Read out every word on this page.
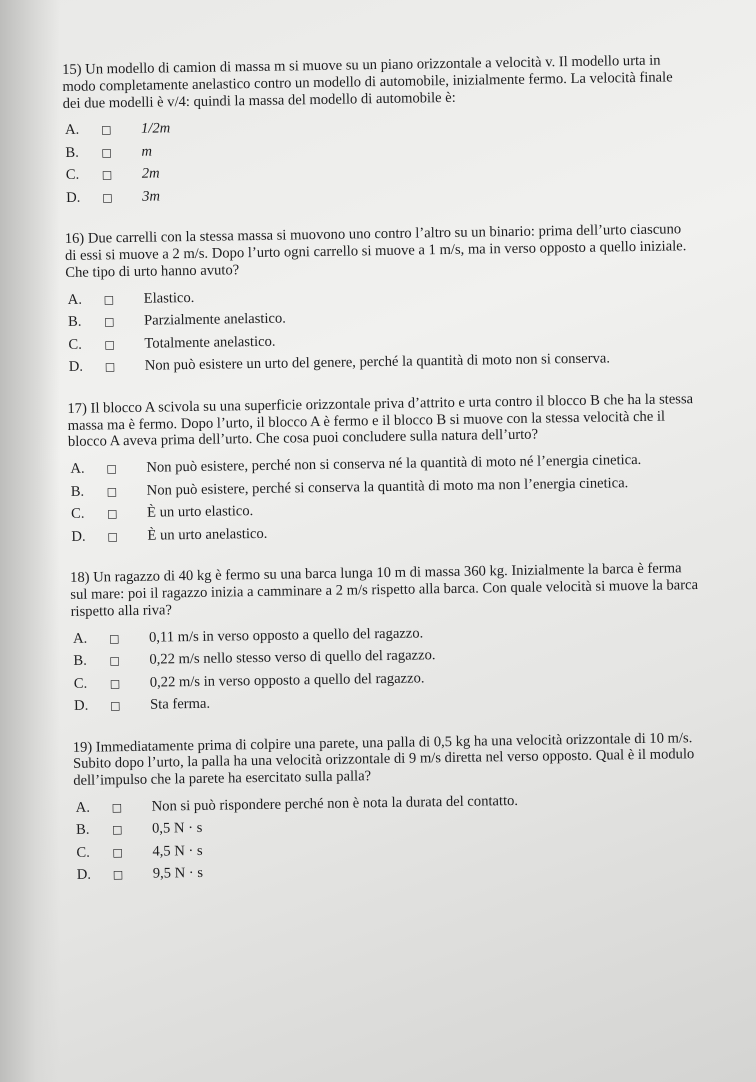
15) Un modello di camion di massa m si muove su un piano orizzontale a velocità v. Il modello urta in modo completamente anelastico contro un modello di automobile, inizialmente fermo. La velocità finale dei due modelli è v/4: quindi la massa del modello di automobile è:

A.	□	1/2m
B.	□	m
C.	□	2m
D.	□	3m

16) Due carrelli con la stessa massa si muovono uno contro l’altro su un binario: prima dell’urto ciascuno di essi si muove a 2 m/s. Dopo l’urto ogni carrello si muove a 1 m/s, ma in verso opposto a quello iniziale. Che tipo di urto hanno avuto?

A.	□	Elastico.
B.	□	Parzialmente anelastico.
C.	□	Totalmente anelastico.
D.	□	Non può esistere un urto del genere, perché la quantità di moto non si conserva.

17) Il blocco A scivola su una superficie orizzontale priva d’attrito e urta contro il blocco B che ha la stessa massa ma è fermo. Dopo l’urto, il blocco A è fermo e il blocco B si muove con la stessa velocità che il blocco A aveva prima dell’urto. Che cosa puoi concludere sulla natura dell’urto?

A.	□	Non può esistere, perché non si conserva né la quantità di moto né l’energia cinetica.
B.	□	Non può esistere, perché si conserva la quantità di moto ma non l’energia cinetica.
C.	□	È un urto elastico.
D.	□	È un urto anelastico.

18) Un ragazzo di 40 kg è fermo su una barca lunga 10 m di massa 360 kg. Inizialmente la barca è ferma sul mare: poi il ragazzo inizia a camminare a 2 m/s rispetto alla barca. Con quale velocità si muove la barca rispetto alla riva?

A.	□	0,11 m/s in verso opposto a quello del ragazzo.
B.	□	0,22 m/s nello stesso verso di quello del ragazzo.
C.	□	0,22 m/s in verso opposto a quello del ragazzo.
D.	□	Sta ferma.

19) Immediatamente prima di colpire una parete, una palla di 0,5 kg ha una velocità orizzontale di 10 m/s. Subito dopo l’urto, la palla ha una velocità orizzontale di 9 m/s diretta nel verso opposto. Qual è il modulo dell’impulso che la parete ha esercitato sulla palla?

A.	□	Non si può rispondere perché non è nota la durata del contatto.
B.	□	0,5 N · s
C.	□	4,5 N · s
D.	□	9,5 N · s
